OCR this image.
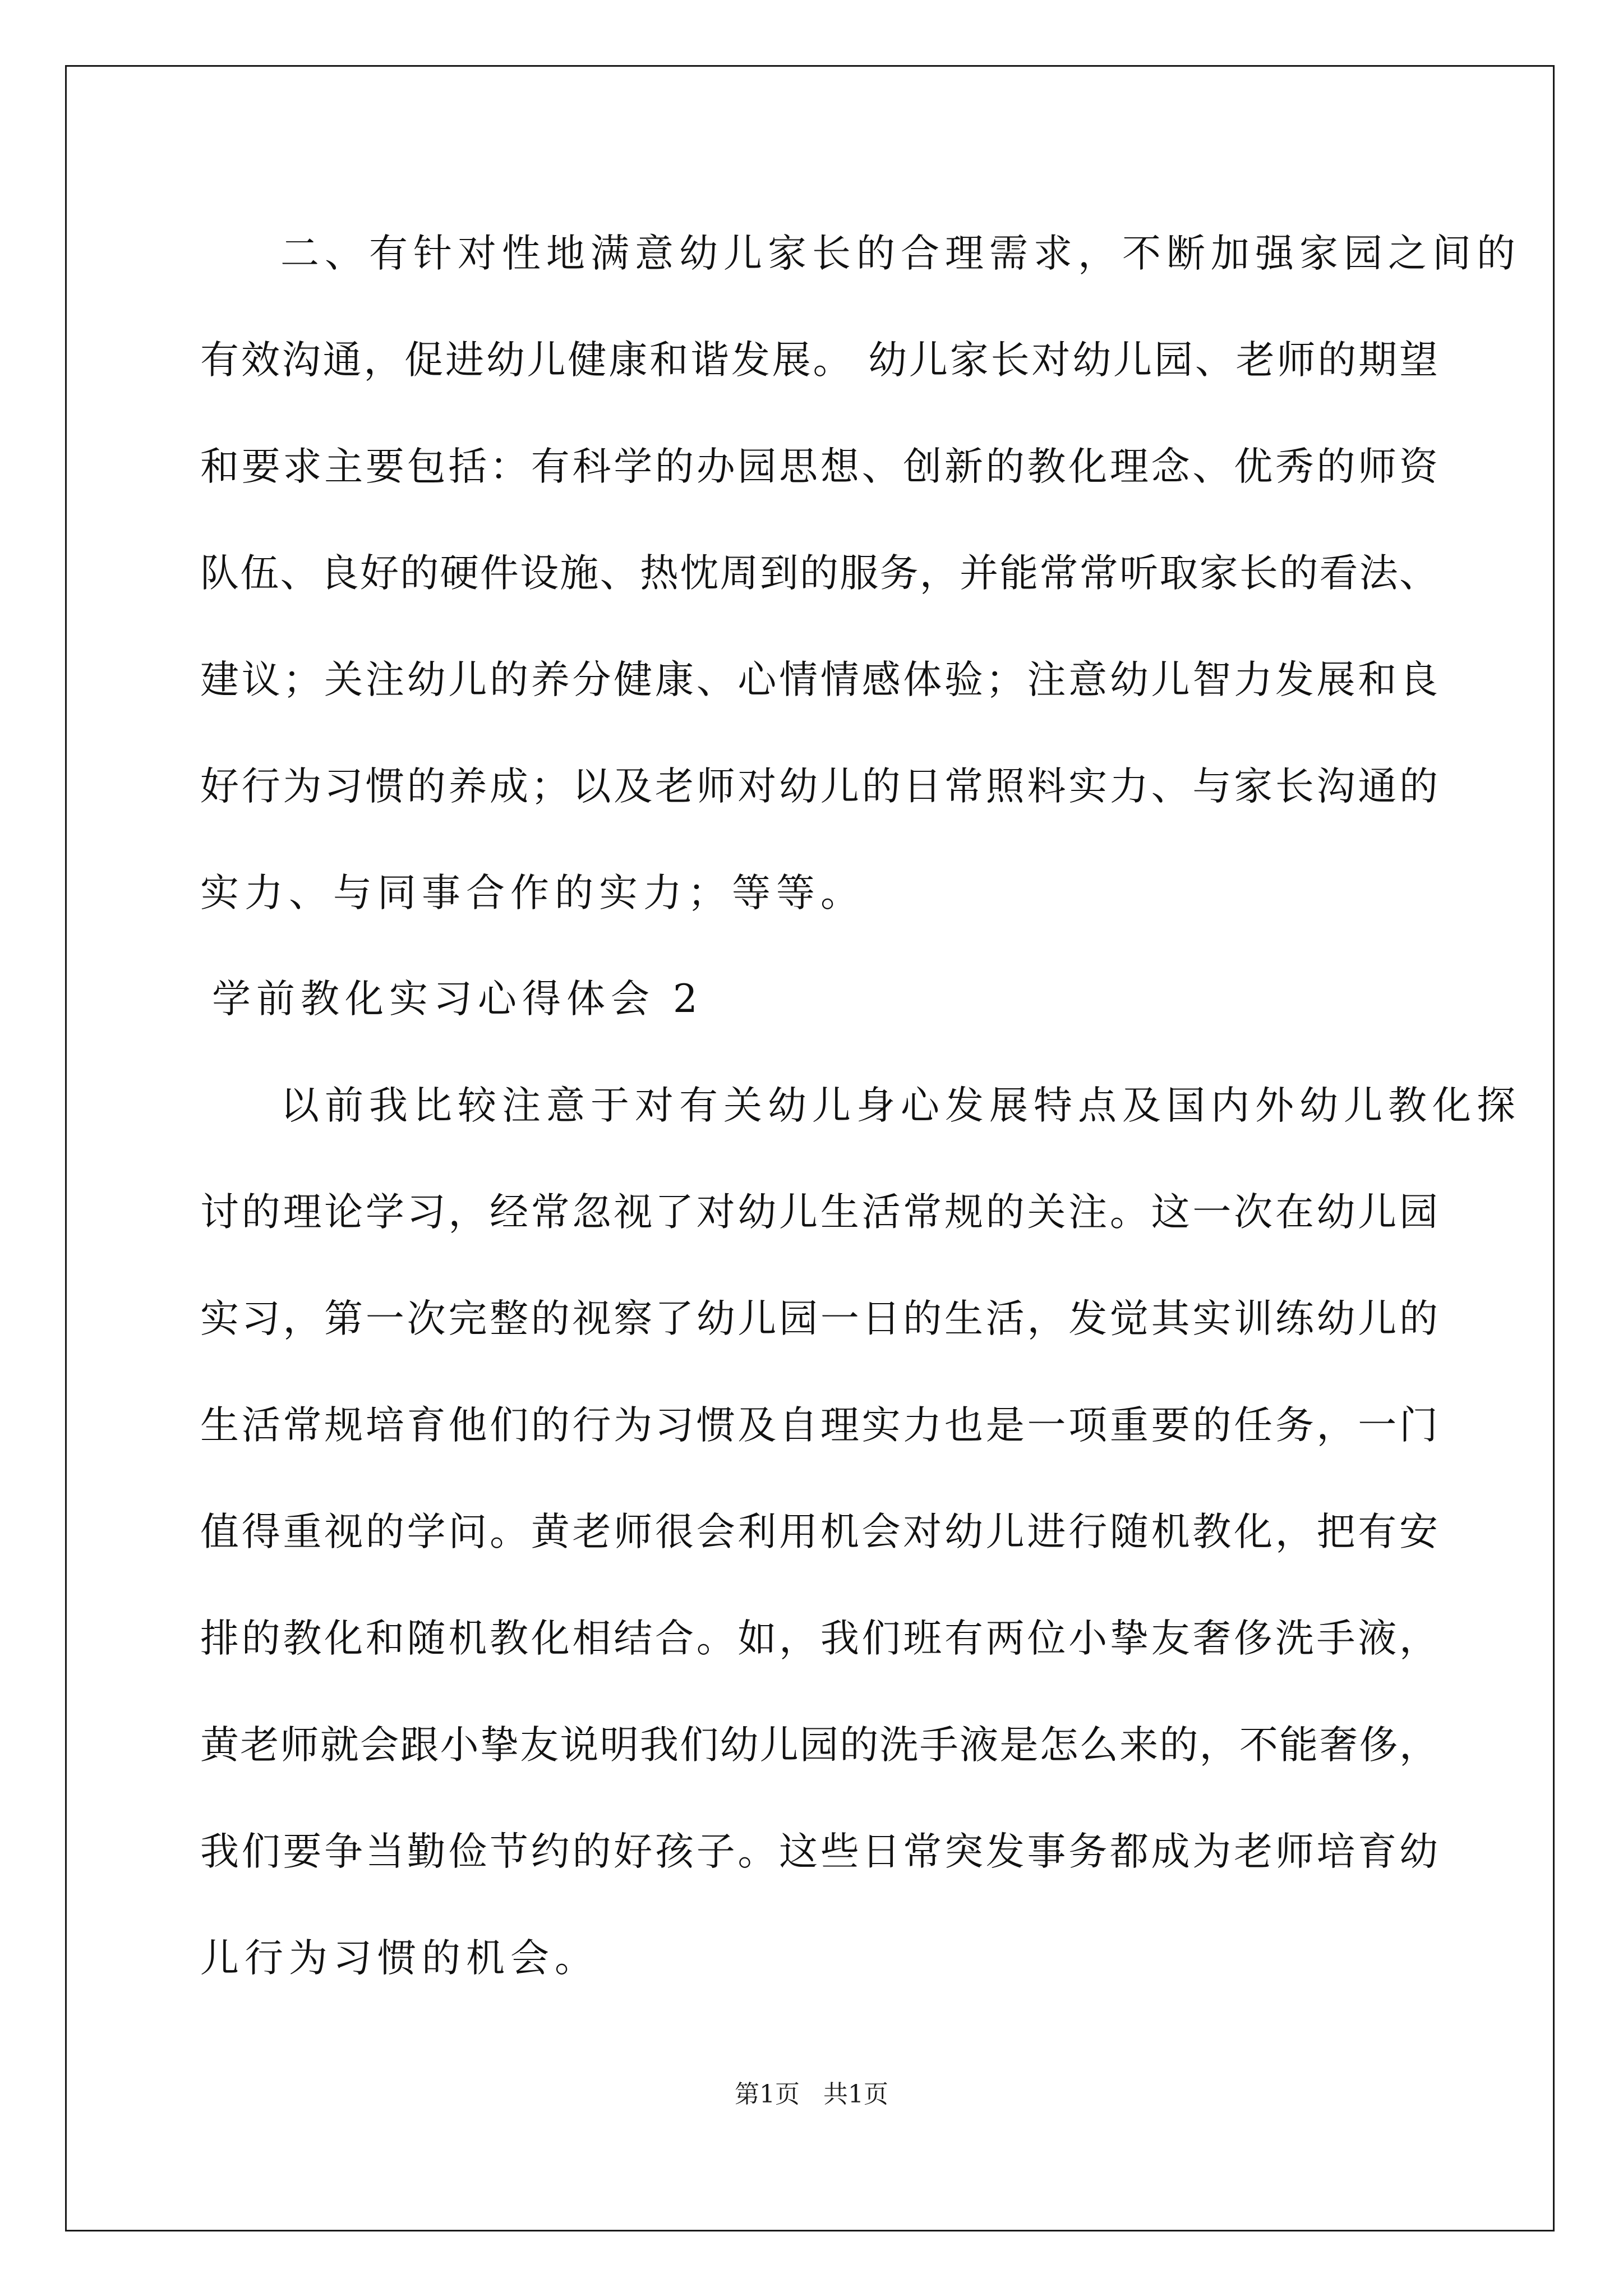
二、有针对性地满意幼儿家长的合理需求，不断加强家园之间的
有效沟通，促进幼儿健康和谐发展。 幼儿家长对幼儿园、老师的期望
和要求主要包括：有科学的办园思想、创新的教化理念、优秀的师资
队伍、良好的硬件设施、热忱周到的服务，并能常常听取家长的看法、
建议；关注幼儿的养分健康、心情情感体验；注意幼儿智力发展和良
好行为习惯的养成；以及老师对幼儿的日常照料实力、与家长沟通的
实力、与同事合作的实力；等等。
学前教化实习心得体会 2
以前我比较注意于对有关幼儿身心发展特点及国内外幼儿教化探
讨的理论学习，经常忽视了对幼儿生活常规的关注。这一次在幼儿园
实习，第一次完整的视察了幼儿园一日的生活，发觉其实训练幼儿的
生活常规培育他们的行为习惯及自理实力也是一项重要的任务，一门
值得重视的学问。黄老师很会利用机会对幼儿进行随机教化，把有安
排的教化和随机教化相结合。如，我们班有两位小挚友奢侈洗手液，
黄老师就会跟小挚友说明我们幼儿园的洗手液是怎么来的，不能奢侈，
我们要争当勤俭节约的好孩子。这些日常突发事务都成为老师培育幼
儿行为习惯的机会。
第1页   共1页
